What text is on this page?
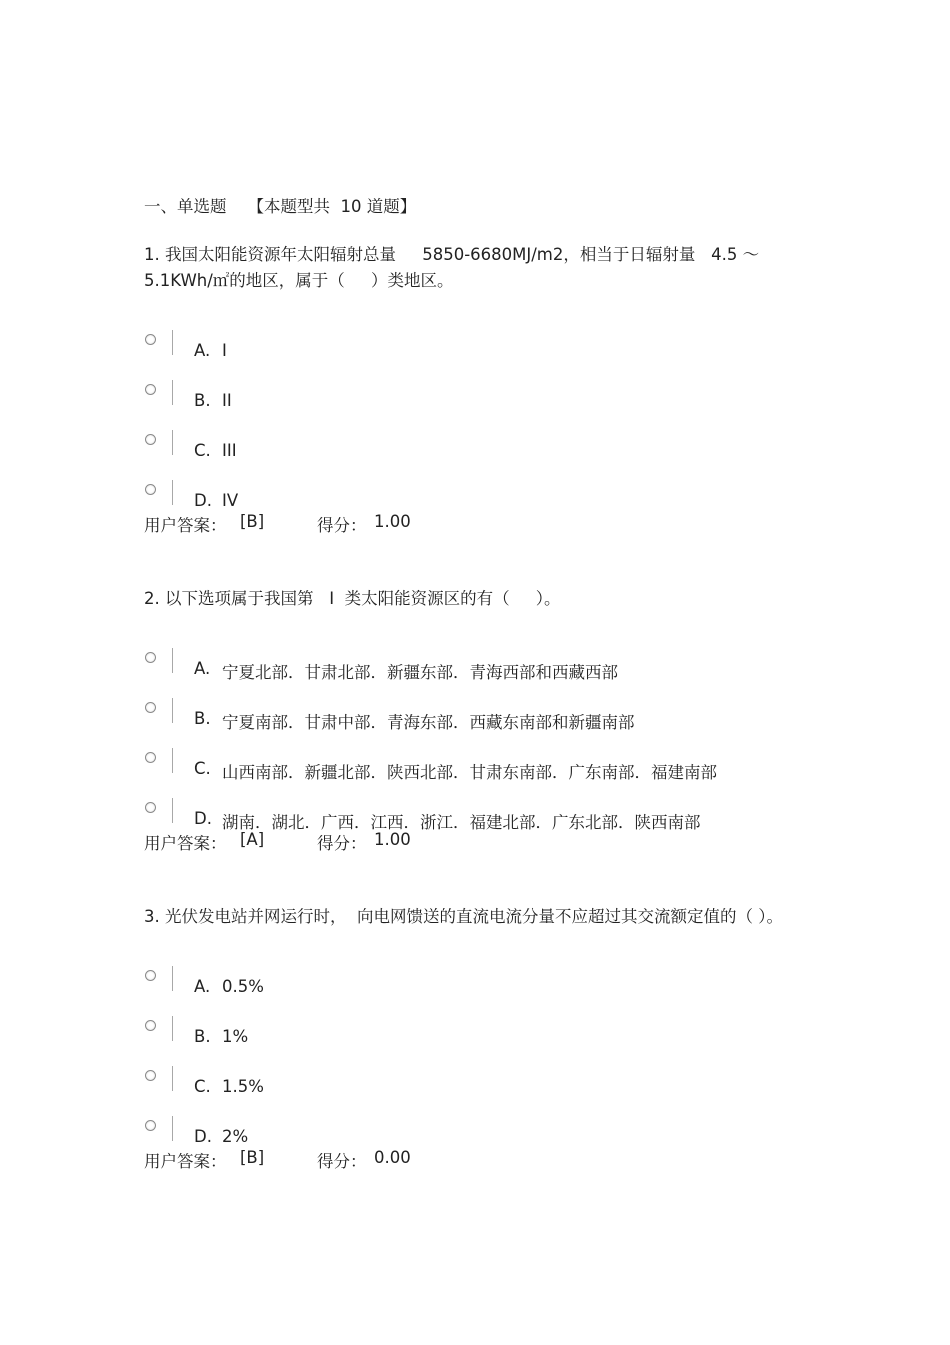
一、单选题    【本题型共  10 道题】
1. 我国太阳能资源年太阳辐射总量     5850-6680MJ/m2，相当于日辐射量   4.5 ～ 5.1KWh/㎡的地区，属于（     ）类地区。
A. I
B. II
C. III
D. IV
用户答案： [B]	得分： 1.00
2. 以下选项属于我国第   I  类太阳能资源区的有（     ）。
A. 宁夏北部．甘肃北部．新疆东部．青海西部和西藏西部
B. 宁夏南部．甘肃中部．青海东部．西藏东南部和新疆南部
C. 山西南部．新疆北部．陕西北部．甘肃东南部．广东南部．福建南部
D. 湖南．湖北．广西．江西．浙江．福建北部．广东北部．陕西南部
用户答案： [A]	得分： 1.00
3. 光伏发电站并网运行时，  向电网馈送的直流电流分量不应超过其交流额定值的（ ）。
A. 0.5%
B. 1%
C. 1.5%
D. 2%
用户答案： [B]	得分： 0.00
